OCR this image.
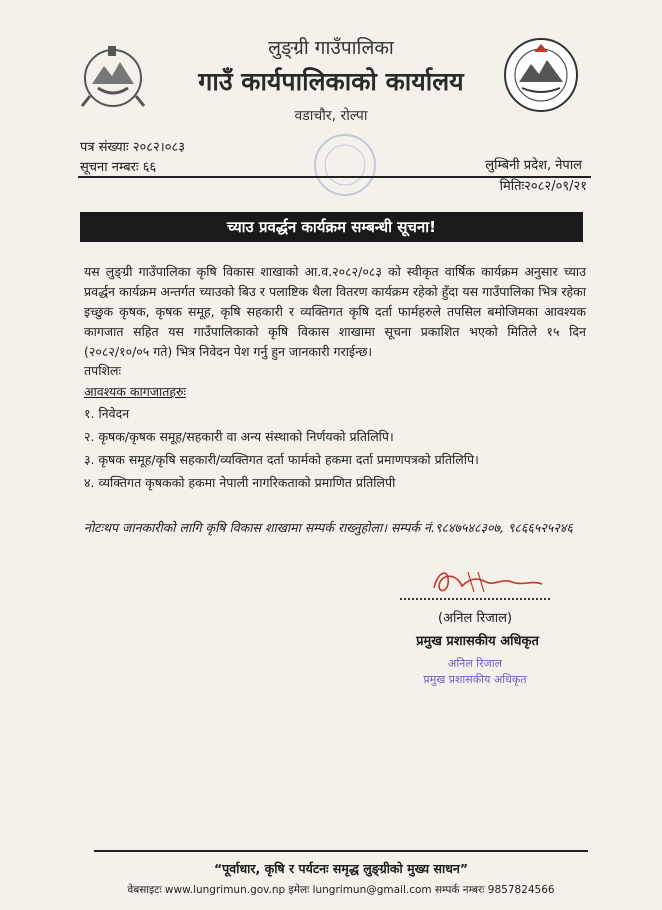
लुङ्ग्री गाउँपालिका
गाउँ कार्यपालिकाको कार्यालय
वडाचौर, रोल्पा
पत्र संख्याः २०८२।०८३
सूचना नम्बरः ६६	लुम्बिनी प्रदेश, नेपाल
मितिः२०८२/०९/२१
च्याउ प्रवर्द्धन कार्यक्रम सम्बन्धी सूचना!
यस लुङ्ग्री गाउँपालिका कृषि विकास शाखाको आ.व.२०८२/०८३ को स्वीकृत वार्षिक कार्यक्रम अनुसार च्याउ प्रवर्द्धन कार्यक्रम अन्तर्गत च्याउको बिउ र पलाष्टिक थैला वितरण कार्यक्रम रहेको हुँदा यस गाउँपालिका भित्र रहेका इच्छुक कृषक, कृषक समूह, कृषि सहकारी र व्यक्तिगत कृषि दर्ता फार्महरुले तपसिल बमोजिमका आवश्यक कागजात सहित यस गाउँपालिकाको कृषि विकास शाखामा सूचना प्रकाशित भएको मितिले १५ दिन (२०८२/१०/०५ गते) भित्र निवेदन पेश गर्नु हुन जानकारी गराईन्छ।
तपशिलः
आवश्यक कागजातहरुः
१. निवेदन
२. कृषक/कृषक समूह/सहकारी वा अन्य संस्थाको निर्णयको प्रतिलिपि।
३. कृषक समूह/कृषि सहकारी/व्यक्तिगत दर्ता फार्मको हकमा दर्ता प्रमाणपत्रको प्रतिलिपि।
४. व्यक्तिगत कृषकको हकमा नेपाली नागरिकताको प्रमाणित प्रतिलिपी
नोटःथप जानकारीको लागि कृषि विकास शाखामा सम्पर्क राख्नुहोला। सम्पर्क नं.९८४७५४८३०७, ९८६६५२५२४६
(अनिल रिजाल)
प्रमुख प्रशासकीय अधिकृत
अनिल रिजाल
प्रमुख प्रशासकीय अधिकृत
“पूर्वाधार, कृषि र पर्यटनः समृद्ध लुङ्ग्रीको मुख्य साधन”
वेबसाइटः www.lungrimun.gov.np इमेलः lungrimun@gmail.com सम्पर्क नम्बरः 9857824566
